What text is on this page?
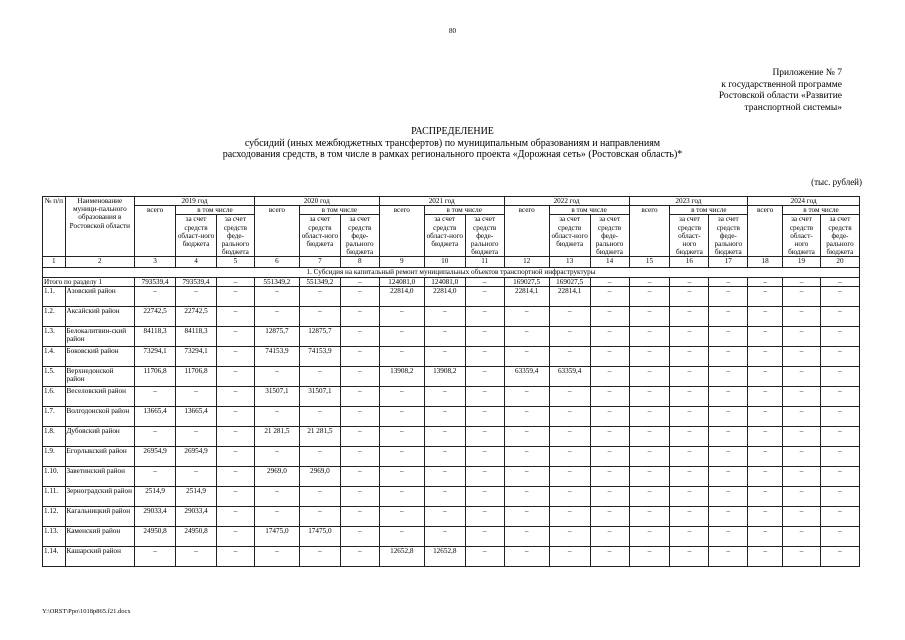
80
Приложение № 7
к государственной программе
Ростовской области «Развитие
транспортной системы»
РАСПРЕДЕЛЕНИЕ
субсидий (иных межбюджетных трансфертов) по муниципальным образованиям и направлениям
расходования средств, в том числе в рамках регионального проекта «Дорожная сеть» (Ростовская область)*
(тыс. рублей)
№ п/п	Наименование муници-пального образования в Ростовской области	2019 год			2020 год			2021 год			2022 год			2023 год			2024 год		
		всего	в том числе		всего	в том числе		всего	в том числе		всего	в том числе		всего	в том числе		всего	в том числе	
			за счет средств област-ного бюджета	за счет средств феде-рального бюджета		за счет средств област-ного бюджета	за счет средств феде-рального бюджета		за счет средств област-ного бюджета	за счет средств феде-рального бюджета		за счет средств област-ного бюджета	за счет средств феде-рального бюджета		за счет средств област-ного бюджета	за счет средств феде-рального бюджета		за счет средств област-ного бюджета	за счет средств феде-рального бюджета
1	2	3	4	5	6	7	8	9	10	11	12	13	14	15	16	17	18	19	20
1. Субсидия на капитальный ремонт муниципальных объектов транспортной инфраструктуры																			
Итого по разделу 1		793539,4	793539,4	–	551349,2	551349,2	–	124081,0	124081,0	–	169027,5	169027,5	–	–	–	–	–	–	–
1.1.	Азовский район	–	–	–	–	–	–	22814,0	22814,0	–	22814,1	22814,1	–	–	–	–	–	–	–
1.2.	Аксайский район	22742,5	22742,5	–	–	–	–	–	–	–	–	–	–	–	–	–	–	–	–
1.3.	Белокалитвин-ский район	84118,3	84118,3	–	12875,7	12875,7	–	–	–	–	–	–	–	–	–	–	–	–	–
1.4.	Боковский район	73294,1	73294,1	–	74153,9	74153,9	–	–	–	–	–	–	–	–	–	–	–	–	–
1.5.	Верхнедонской район	11706,8	11706,8	–	–	–	–	13908,2	13908,2	–	63359,4	63359,4	–	–	–	–	–	–	–
1.6.	Веселовский район	–	–	–	31507,1	31507,1	–	–	–	–	–	–	–	–	–	–	–	–	–
1.7.	Волгодонской район	13665,4	13665,4	–	–	–	–	–	–	–	–	–	–	–	–	–	–	–	–
1.8.	Дубовский район	–	–	–	21 281,5	21 281,5	–	–	–	–	–	–	–	–	–	–	–	–	–
1.9.	Егорлыкский район	26954,9	26954,9	–	–	–	–	–	–	–	–	–	–	–	–	–	–	–	–
1.10.	Заветинский район	–	–	–	2969,0	2969,0	–	–	–	–	–	–	–	–	–	–	–	–	–
1.11.	Зерноградский район	2514,9	2514,9	–	–	–	–	–	–	–	–	–	–	–	–	–	–	–	–
1.12.	Кагальницкий район	29033,4	29033,4	–	–	–	–	–	–	–	–	–	–	–	–	–	–	–	–
1.13.	Каменский район	24950,8	24950,8	–	17475,0	17475,0	–	–	–	–	–	–	–	–	–	–	–	–	–
1.14.	Кашарский район	–	–	–	–	–	–	12652,8	12652,8	–	–	–	–	–	–	–	–	–	–
Y:\ORST\Ppo\1018p865.f21.docx
